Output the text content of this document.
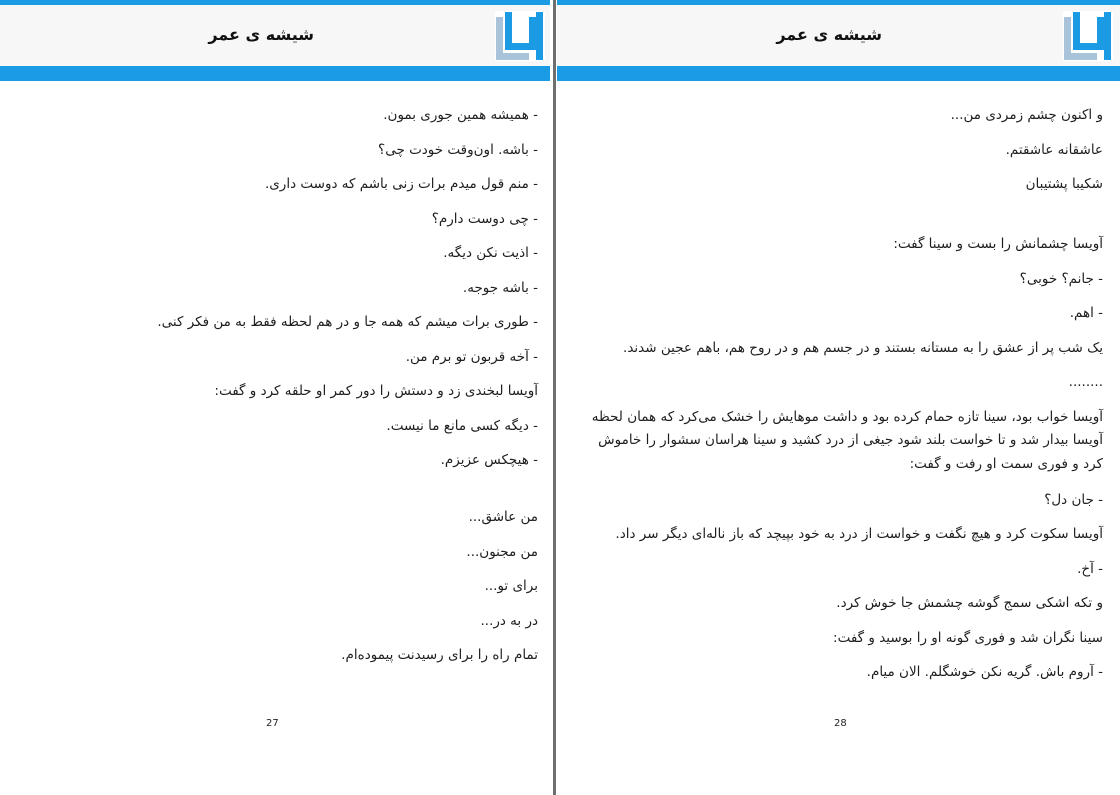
شیشه ی عمر

- همیشه همین جوری بمون.

- باشه. اون‌وقت خودت چی؟

- منم قول میدم برات زنی باشم که دوست داری.

- چی دوست دارم؟

- اذیت نکن دیگه.

- باشه جوجه.

- طوری برات میشم که همه جا و در هم لحظه فقط به من فکر کنی.

- آخه قربون تو برم من.

آویسا لبخندی زد و دستش را دور کمر او حلقه کرد و گفت:

- دیگه کسی مانع ما نیست.

- هیچکس عزیزم.

من عاشق...

من مجنون...

برای تو...

در به در...

تمام راه را برای رسیدنت پیموده‌ام.

27
شیشه ی عمر

و اکنون چشم زمردی من...

عاشقانه عاشقتم.

شکیبا پشتیبان

آویسا چشمانش را بست و سینا گفت:

- جانم؟ خوبی؟

- اهم.

یک شب پر از عشق را به مستانه بستند و در جسم هم و در روح هم، باهم عجین شدند.

........

آویسا خواب بود، سینا تازه حمام کرده بود و داشت موهایش را خشک می‌کرد که همان لحظه آویسا بیدار شد و تا خواست بلند شود جیغی از درد کشید و سینا هراسان سشوار را خاموش کرد و فوری سمت او رفت و گفت:

- جان دل؟

آویسا سکوت کرد و هیچ نگفت و خواست از درد به خود بپیچد که باز ناله‌ای دیگر سر داد.

- آخ.

و تکه اشکی سمج گوشه چشمش جا خوش کرد.

سینا نگران شد و فوری گونه او را بوسید و گفت:

- آروم باش. گریه نکن خوشگلم. الان میام.

28
